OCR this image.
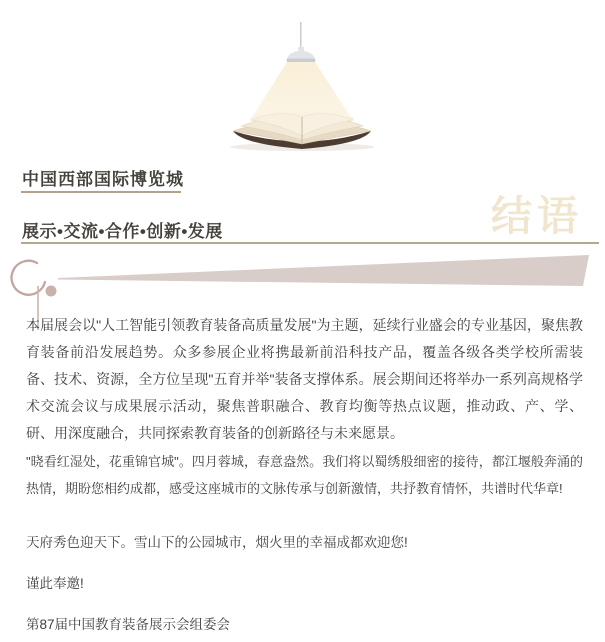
中国西部国际博览城
展示•交流•合作•创新•发展	结语
本届展会以"人工智能引领教育装备高质量发展"为主题，延续行业盛会的专业基因，聚焦教育装备前沿发展趋势。众多参展企业将携最新前沿科技产品，覆盖各级各类学校所需装备、技术、资源，全方位呈现"五育并举"装备支撑体系。展会期间还将举办一系列高规格学术交流会议与成果展示活动，聚焦普职融合、教育均衡等热点议题，推动政、产、学、研、用深度融合，共同探索教育装备的创新路径与未来愿景。
"晓看红湿处，花重锦官城"。四月蓉城，春意盎然。我们将以蜀绣般细密的接待，都江堰般奔涌的热情，期盼您相约成都，感受这座城市的文脉传承与创新激情，共抒教育情怀，共谱时代华章!
天府秀色迎天下。雪山下的公园城市，烟火里的幸福成都欢迎您!
谨此奉邀!
第87届中国教育装备展示会组委会
